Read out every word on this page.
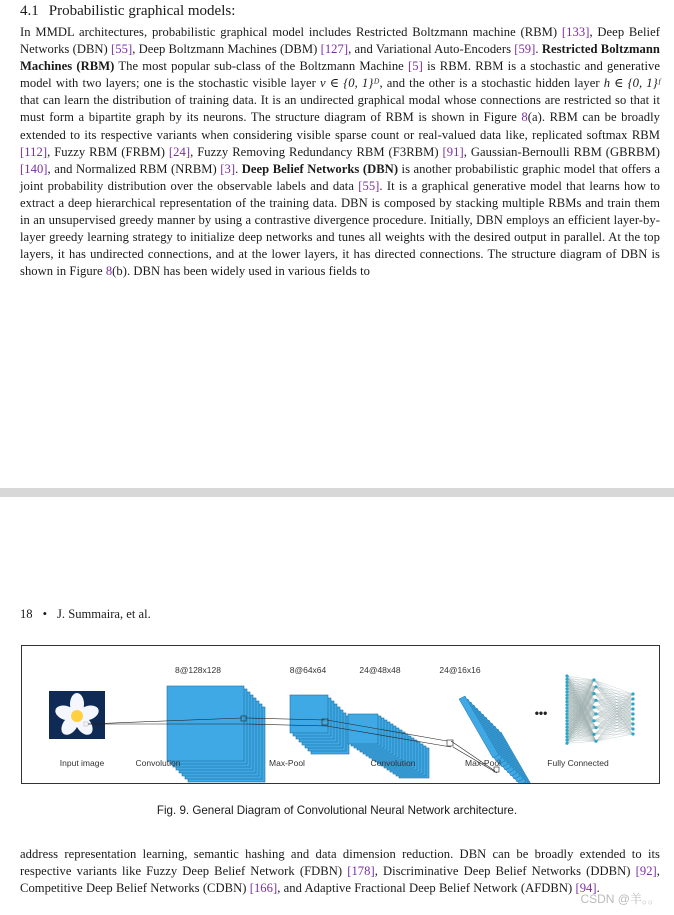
4.1 Probabilistic graphical models:
In MMDL architectures, probabilistic graphical model includes Restricted Boltzmann machine (RBM) [133], Deep Belief Networks (DBN) [55], Deep Boltzmann Machines (DBM) [127], and Variational Auto-Encoders [59]. Restricted Boltzmann Machines (RBM) The most popular sub-class of the Boltzmann Machine [5] is RBM. RBM is a stochastic and generative model with two layers; one is the stochastic visible layer v ∈ {0, 1}ᴰ, and the other is a stochastic hidden layer h ∈ {0, 1}ᶠ that can learn the distribution of training data. It is an undirected graphical modal whose connections are restricted so that it must form a bipartite graph by its neurons. The structure diagram of RBM is shown in Figure 8(a). RBM can be broadly extended to its respective variants when considering visible sparse count or real-valued data like, replicated softmax RBM [112], Fuzzy RBM (FRBM) [24], Fuzzy Removing Redundancy RBM (F3RBM) [91], Gaussian-Bernoulli RBM (GBRBM) [140], and Normalized RBM (NRBM) [3]. Deep Belief Networks (DBN) is another probabilistic graphic model that offers a joint probability distribution over the observable labels and data [55]. It is a graphical generative model that learns how to extract a deep hierarchical representation of the training data. DBN is composed by stacking multiple RBMs and train them in an unsupervised greedy manner by using a contrastive divergence procedure. Initially, DBN employs an efficient layer-by-layer greedy learning strategy to initialize deep networks and tunes all weights with the desired output in parallel. At the top layers, it has undirected connections, and at the lower layers, it has directed connections. The structure diagram of DBN is shown in Figure 8(b). DBN has been widely used in various fields to
18 • J. Summaira, et al.
8@128x128	8@64x64	24@48x48	24@16x16
•••
Input image	Convolution	Max-Pool	Convolution	Max-Pool	Fully Connected
Fig. 9. General Diagram of Convolutional Neural Network architecture.
address representation learning, semantic hashing and data dimension reduction. DBN can be broadly extended to its respective variants like Fuzzy Deep Belief Network (FDBN) [178], Discriminative Deep Belief Networks (DDBN) [92], Competitive Deep Belief Networks (CDBN) [166], and Adaptive Fractional Deep Belief Network (AFDBN) [94].
CSDN @羊。。
